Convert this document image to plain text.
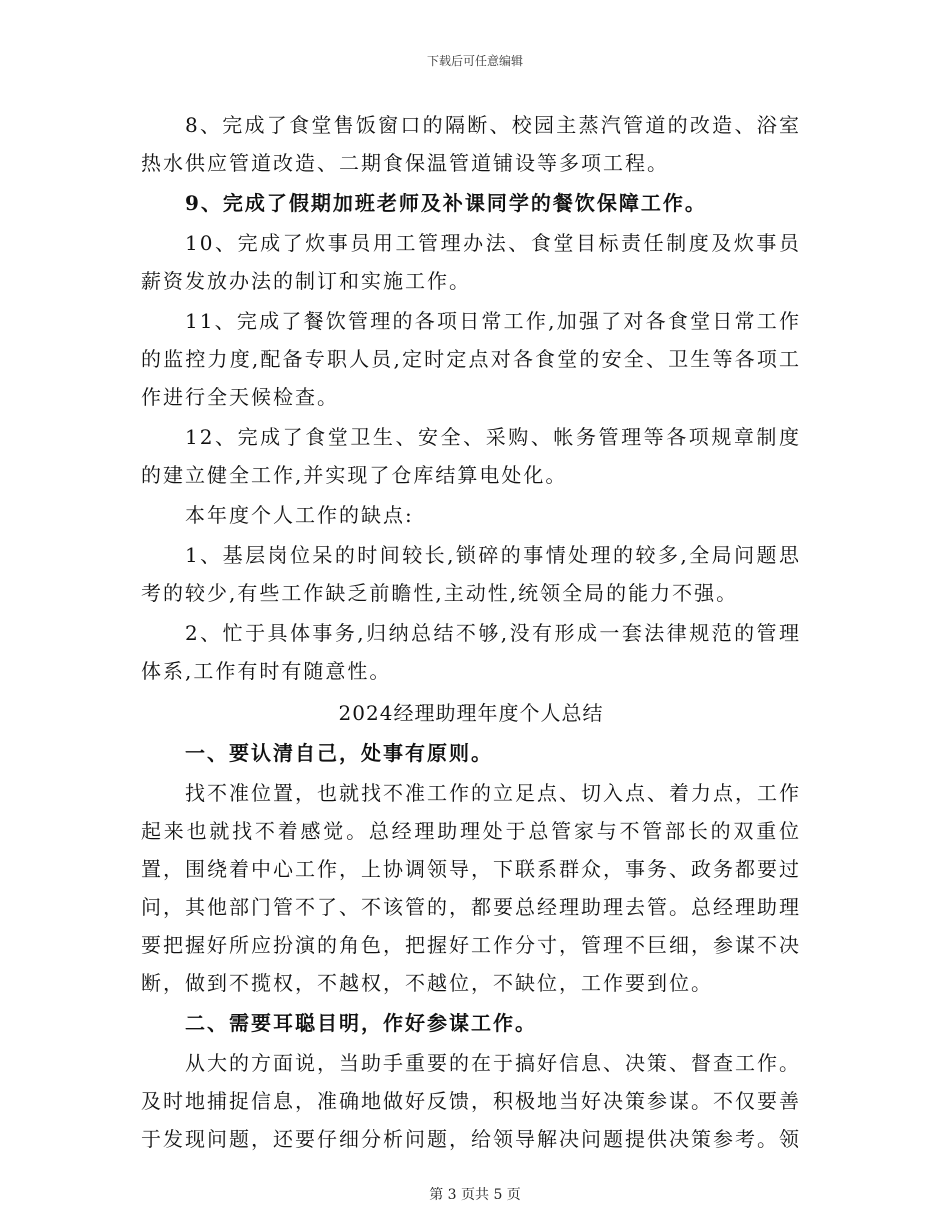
下载后可任意编辑

8、完成了食堂售饭窗口的隔断、校园主蒸汽管道的改造、浴室热水供应管道改造、二期食保温管道铺设等多项工程。

9、完成了假期加班老师及补课同学的餐饮保障工作。

10、完成了炊事员用工管理办法、食堂目标责任制度及炊事员薪资发放办法的制订和实施工作。

11、完成了餐饮管理的各项日常工作,加强了对各食堂日常工作的监控力度,配备专职人员,定时定点对各食堂的安全、卫生等各项工作进行全天候检查。

12、完成了食堂卫生、安全、采购、帐务管理等各项规章制度的建立健全工作,并实现了仓库结算电处化。

本年度个人工作的缺点:

1、基层岗位呆的时间较长,锁碎的事情处理的较多,全局问题思考的较少,有些工作缺乏前瞻性,主动性,统领全局的能力不强。

2、忙于具体事务,归纳总结不够,没有形成一套法律规范的管理体系,工作有时有随意性。

2024经理助理年度个人总结

一、要认清自己，处事有原则。

找不准位置，也就找不准工作的立足点、切入点、着力点，工作起来也就找不着感觉。总经理助理处于总管家与不管部长的双重位置，围绕着中心工作，上协调领导，下联系群众，事务、政务都要过问，其他部门管不了、不该管的，都要总经理助理去管。总经理助理要把握好所应扮演的角色，把握好工作分寸，管理不巨细，参谋不决断，做到不揽权，不越权，不越位，不缺位，工作要到位。

二、需要耳聪目明，作好参谋工作。

从大的方面说，当助手重要的在于搞好信息、决策、督查工作。及时地捕捉信息，准确地做好反馈，积极地当好决策参谋。不仅要善于发现问题，还要仔细分析问题，给领导解决问题提供决策参考。领

第 3 页共 5 页
